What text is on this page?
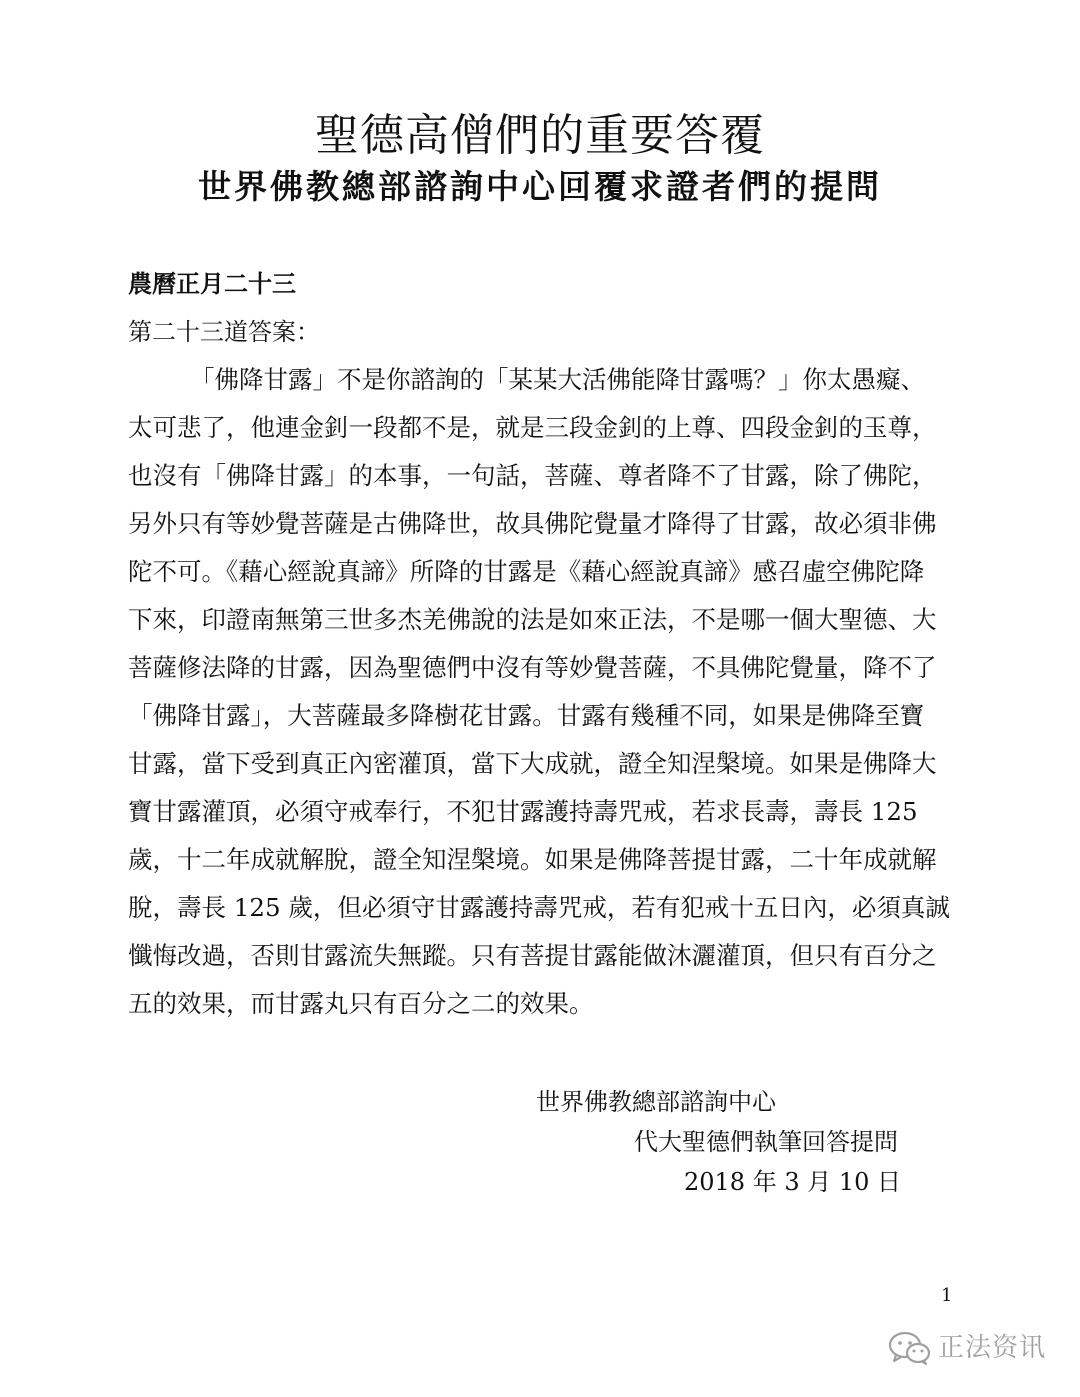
聖德高僧們的重要答覆
世界佛教總部諮詢中心回覆求證者們的提問
農曆正月二十三
第二十三道答案：
「佛降甘露」不是你諮詢的「某某大活佛能降甘露嗎？」你太愚癡、
太可悲了，他連金釗一段都不是，就是三段金釗的上尊、四段金釗的玉尊，
也沒有「佛降甘露」的本事，一句話，菩薩、尊者降不了甘露，除了佛陀，
另外只有等妙覺菩薩是古佛降世，故具佛陀覺量才降得了甘露，故必須非佛
陀不可。《藉心經說真諦》所降的甘露是《藉心經說真諦》感召虛空佛陀降
下來，印證南無第三世多杰羌佛說的法是如來正法，不是哪一個大聖德、大
菩薩修法降的甘露，因為聖德們中沒有等妙覺菩薩，不具佛陀覺量，降不了
「佛降甘露」，大菩薩最多降樹花甘露。甘露有幾種不同，如果是佛降至寶
甘露，當下受到真正內密灌頂，當下大成就，證全知涅槃境。如果是佛降大
寶甘露灌頂，必須守戒奉行，不犯甘露護持壽咒戒，若求長壽，壽長 125
歲，十二年成就解脫，證全知涅槃境。如果是佛降菩提甘露，二十年成就解
脫，壽長 125 歲，但必須守甘露護持壽咒戒，若有犯戒十五日內，必須真誠
懺悔改過，否則甘露流失無蹤。只有菩提甘露能做沐灑灌頂，但只有百分之
五的效果，而甘露丸只有百分之二的效果。
世界佛教總部諮詢中心
代大聖德們執筆回答提問
2018 年 3 月 10 日
1
正法资讯
